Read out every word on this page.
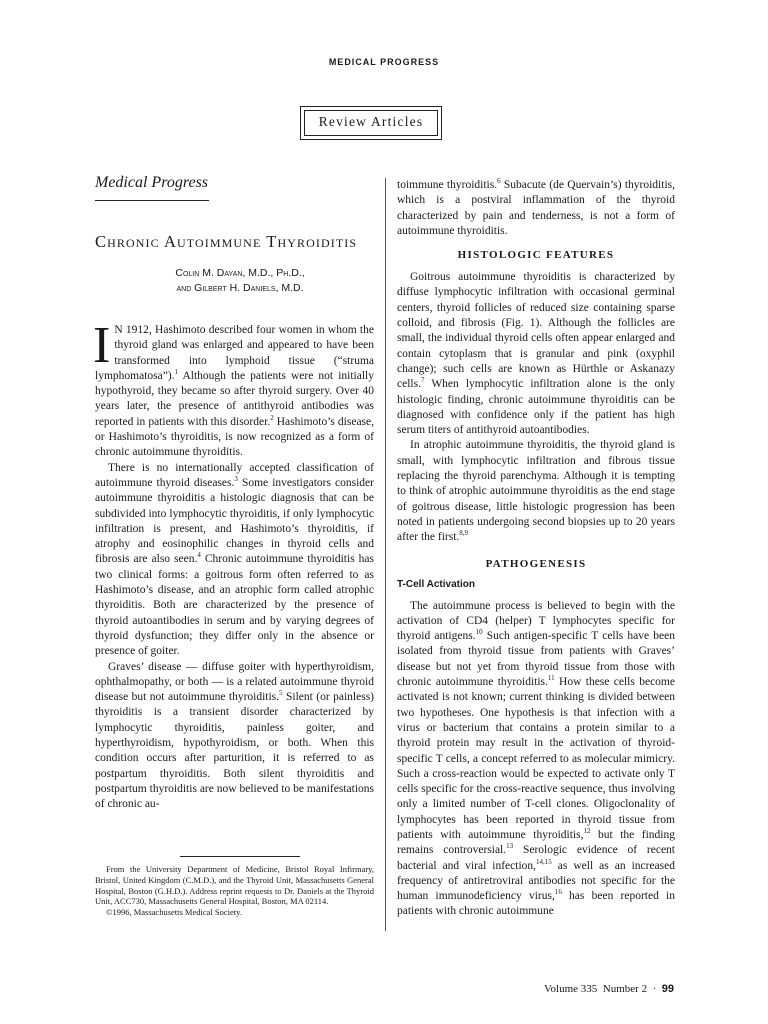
MEDICAL PROGRESS
Review Articles
Medical Progress
Chronic Autoimmune Thyroiditis
Colin M. Dayan, M.D., Ph.D.,
and Gilbert H. Daniels, M.D.

I N 1912, Hashimoto described four women in whom the thyroid gland was enlarged and appeared to have been transformed into lymphoid tissue (“struma lymphomatosa”).$^1$ Although the patients were not initially hypothyroid, they became so after thyroid surgery. Over 40 years later, the presence of antithyroid antibodies was reported in patients with this disorder.$^2$ Hashimoto’s disease, or Hashimoto’s thyroiditis, is now recognized as a form of chronic autoimmune thyroiditis.

There is no internationally accepted classification of autoimmune thyroid diseases.$^3$ Some investigators consider autoimmune thyroiditis a histologic diagnosis that can be subdivided into lymphocytic thyroiditis, if only lymphocytic infiltration is present, and Hashimoto’s thyroiditis, if atrophy and eosinophilic changes in thyroid cells and fibrosis are also seen.$^4$ Chronic autoimmune thyroiditis has two clinical forms: a goitrous form often referred to as Hashimoto’s disease, and an atrophic form called atrophic thyroiditis. Both are characterized by the presence of thyroid autoantibodies in serum and by varying degrees of thyroid dysfunction; they differ only in the absence or presence of goiter.

Graves’ disease — diffuse goiter with hyperthyroidism, ophthalmopathy, or both — is a related autoimmune thyroid disease but not autoimmune thyroiditis.$^5$ Silent (or painless) thyroiditis is a transient disorder characterized by lymphocytic thyroiditis, painless goiter, and hyperthyroidism, hypothyroidism, or both. When this condition occurs after parturition, it is referred to as postpartum thyroiditis. Both silent thyroiditis and postpartum thyroiditis are now believed to be manifestations of chronic au-

toimmune thyroiditis.$^6$ Subacute (de Quervain’s) thyroiditis, which is a postviral inflammation of the thyroid characterized by pain and tenderness, is not a form of autoimmune thyroiditis.

HISTOLOGIC FEATURES

Goitrous autoimmune thyroiditis is characterized by diffuse lymphocytic infiltration with occasional germinal centers, thyroid follicles of reduced size containing sparse colloid, and fibrosis (Fig. 1). Although the follicles are small, the individual thyroid cells often appear enlarged and contain cytoplasm that is granular and pink (oxyphil change); such cells are known as Hürthle or Askanazy cells.$^7$ When lymphocytic infiltration alone is the only histologic finding, chronic autoimmune thyroiditis can be diagnosed with confidence only if the patient has high serum titers of antithyroid autoantibodies.

In atrophic autoimmune thyroiditis, the thyroid gland is small, with lymphocytic infiltration and fibrous tissue replacing the thyroid parenchyma. Although it is tempting to think of atrophic autoimmune thyroiditis as the end stage of goitrous disease, little histologic progression has been noted in patients undergoing second biopsies up to 20 years after the first.$^{8,9}$

PATHOGENESIS
T-Cell Activation

The autoimmune process is believed to begin with the activation of CD4 (helper) T lymphocytes specific for thyroid antigens.$^{10}$ Such antigen-specific T cells have been isolated from thyroid tissue from patients with Graves’ disease but not yet from thyroid tissue from those with chronic autoimmune thyroiditis.$^{11}$ How these cells become activated is not known; current thinking is divided between two hypotheses. One hypothesis is that infection with a virus or bacterium that contains a protein similar to a thyroid protein may result in the activation of thyroid-specific T cells, a concept referred to as molecular mimicry. Such a cross-reaction would be expected to activate only T cells specific for the cross-reactive sequence, thus involving only a limited number of T-cell clones. Oligoclonality of lymphocytes has been reported in thyroid tissue from patients with autoimmune thyroiditis,$^{12}$ but the finding remains controversial.$^{13}$ Serologic evidence of recent bacterial and viral infection,$^{14,15}$ as well as an increased frequency of antiretroviral antibodies not specific for the human immunodeficiency virus,$^{16}$ has been reported in patients with chronic autoimmune

From the University Department of Medicine, Bristol Royal Infirmary, Bristol, United Kingdom (C.M.D.), and the Thyroid Unit, Massachusetts General Hospital, Boston (G.H.D.). Address reprint requests to Dr. Daniels at the Thyroid Unit, ACC730, Massachusetts General Hospital, Boston, MA 02114.

©1996, Massachusetts Medical Society.

Volume 335 Number 2 · 99
